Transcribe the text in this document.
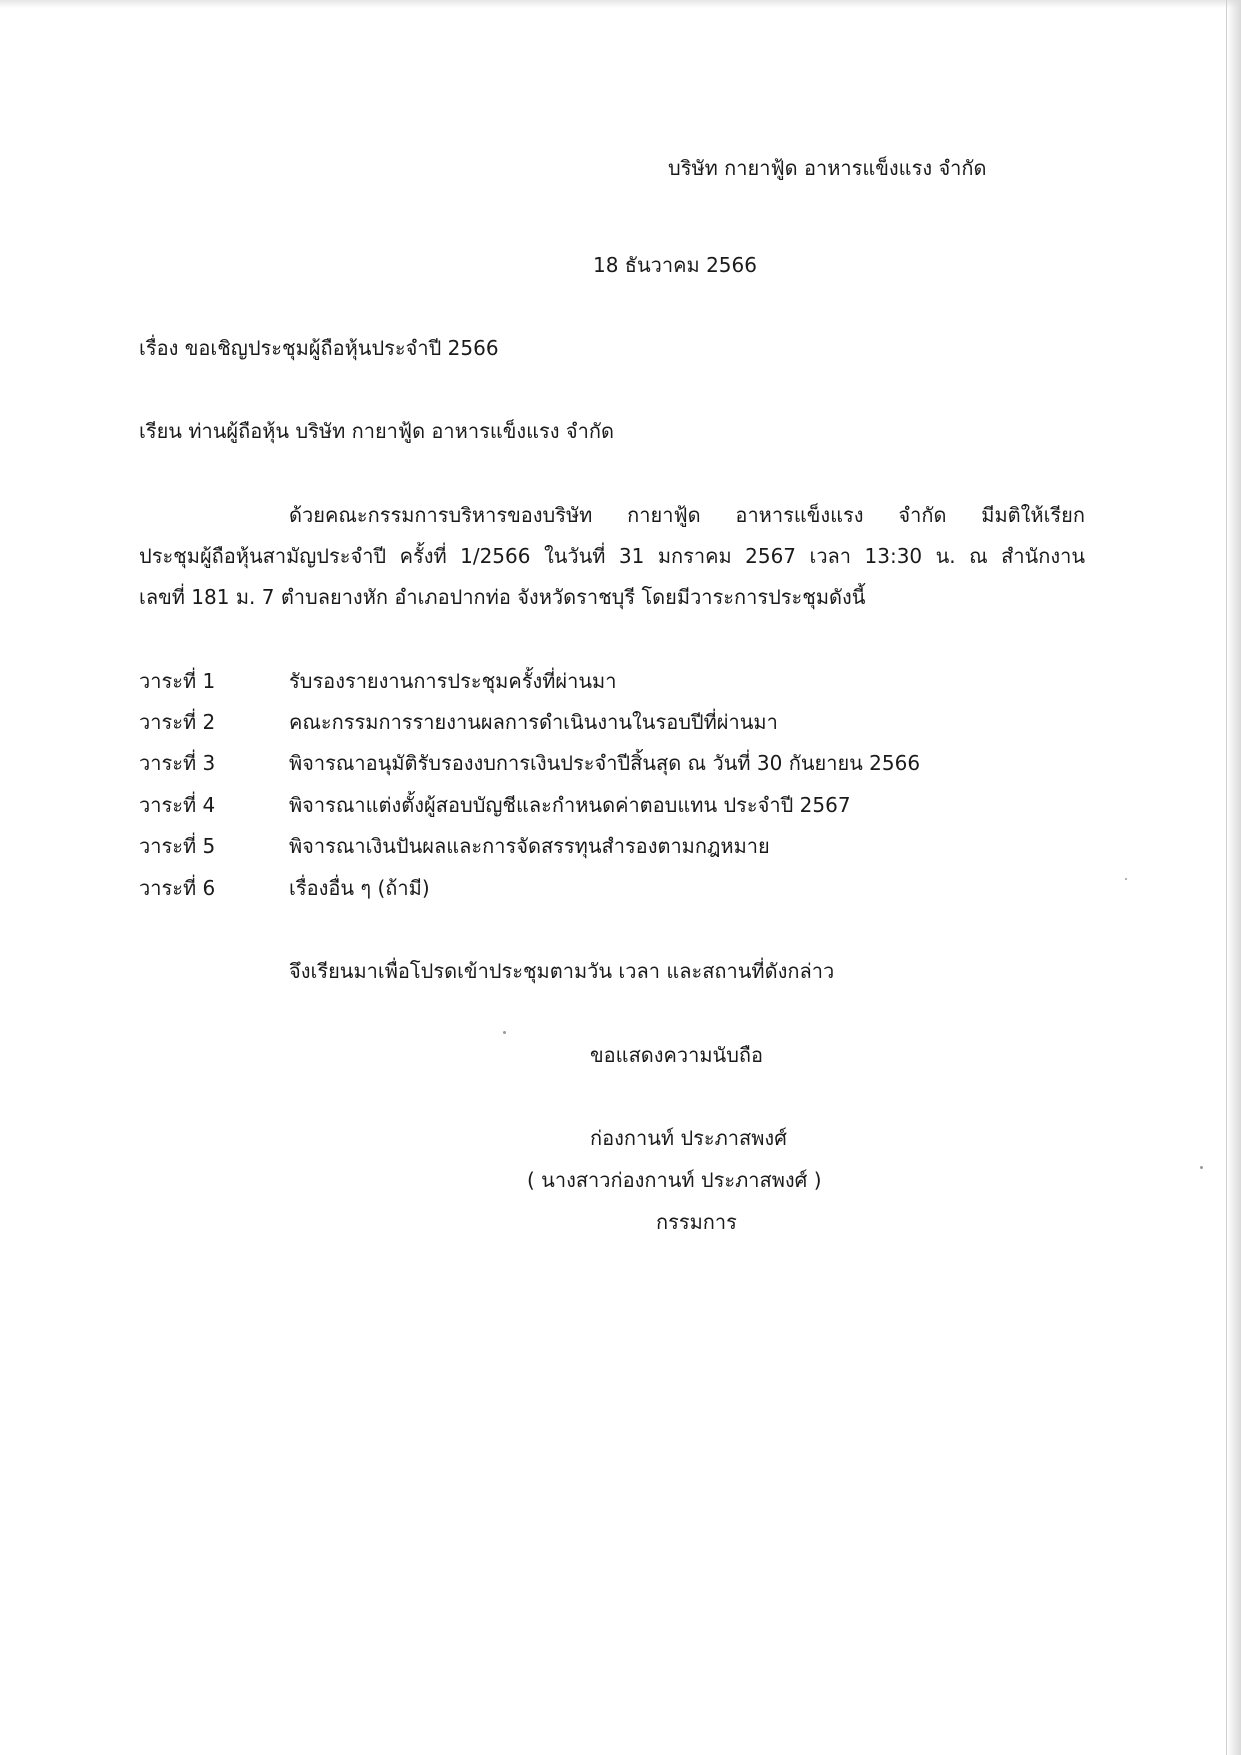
บริษัท กายาฟู้ด อาหารแข็งแรง จำกัด
18 ธันวาคม 2566
เรื่อง ขอเชิญประชุมผู้ถือหุ้นประจำปี 2566
เรียน ท่านผู้ถือหุ้น บริษัท กายาฟู้ด อาหารแข็งแรง จำกัด
ด้วยคณะกรรมการบริหารของบริษัท กายาฟู้ด อาหารแข็งแรง จำกัด มีมติให้เรียก
ประชุมผู้ถือหุ้นสามัญประจำปี ครั้งที่ 1/2566 ในวันที่ 31 มกราคม 2567 เวลา 13:30 น. ณ สำนักงาน
เลขที่ 181 ม. 7 ตำบลยางหัก อำเภอปากท่อ จังหวัดราชบุรี โดยมีวาระการประชุมดังนี้
วาระที่ 1	รับรองรายงานการประชุมครั้งที่ผ่านมา
วาระที่ 2	คณะกรรมการรายงานผลการดำเนินงานในรอบปีที่ผ่านมา
วาระที่ 3	พิจารณาอนุมัติรับรองงบการเงินประจำปีสิ้นสุด ณ วันที่ 30 กันยายน 2566
วาระที่ 4	พิจารณาแต่งตั้งผู้สอบบัญชีและกำหนดค่าตอบแทน ประจำปี 2567
วาระที่ 5	พิจารณาเงินปันผลและการจัดสรรทุนสำรองตามกฎหมาย
วาระที่ 6	เรื่องอื่น ๆ (ถ้ามี)
จึงเรียนมาเพื่อโปรดเข้าประชุมตามวัน เวลา และสถานที่ดังกล่าว
ขอแสดงความนับถือ
ก่องกานท์ ประภาสพงศ์
( นางสาวก่องกานท์ ประภาสพงศ์ )
กรรมการ
